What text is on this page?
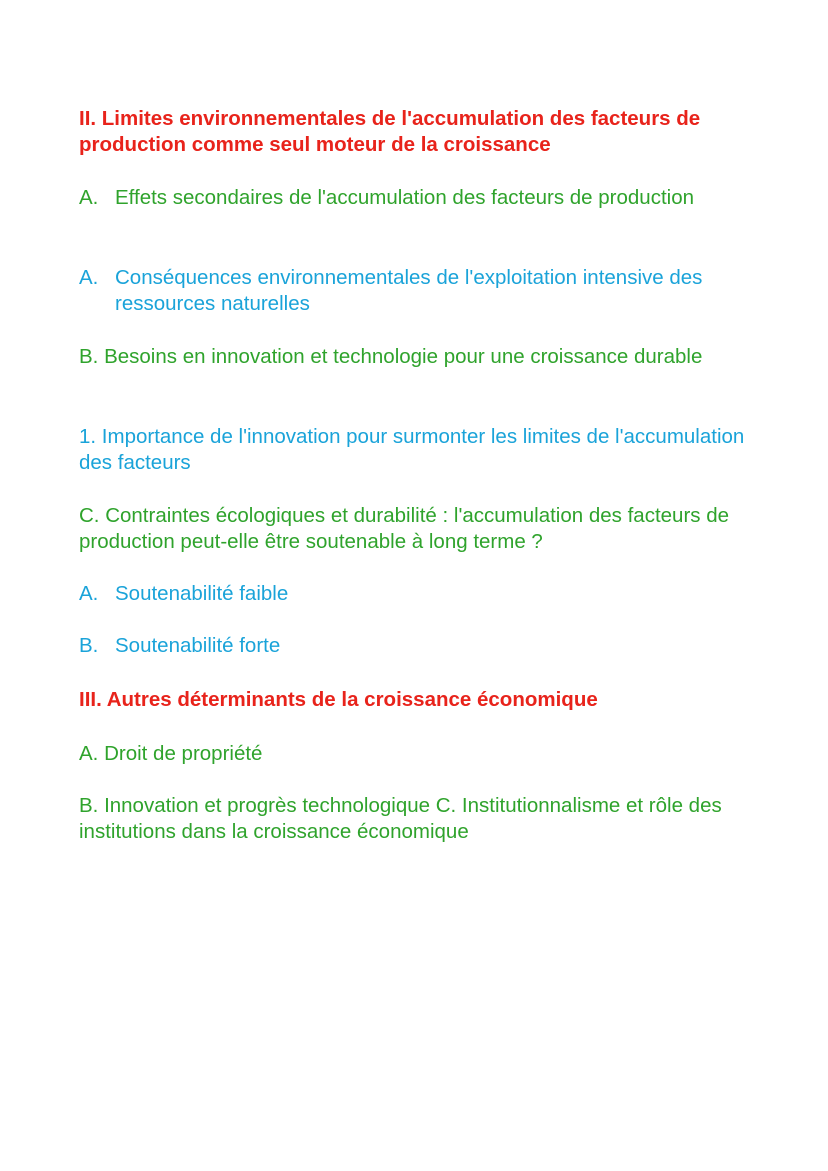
II. Limites environnementales de l'accumulation des facteurs de production comme seul moteur de la croissance

A. Effets secondaires de l'accumulation des facteurs de production
A. Conséquences environnementales de l'exploitation intensive des ressources naturelles

B. Besoins en innovation et technologie pour une croissance durable

1. Importance de l'innovation pour surmonter les limites de l'accumulation des facteurs

C. Contraintes écologiques et durabilité : l'accumulation des facteurs de production peut-elle être soutenable à long terme ?

A. Soutenabilité faible
B. Soutenabilité forte

III. Autres déterminants de la croissance économique

A. Droit de propriété

B. Innovation et progrès technologique C. Institutionnalisme et rôle des institutions dans la croissance économique
